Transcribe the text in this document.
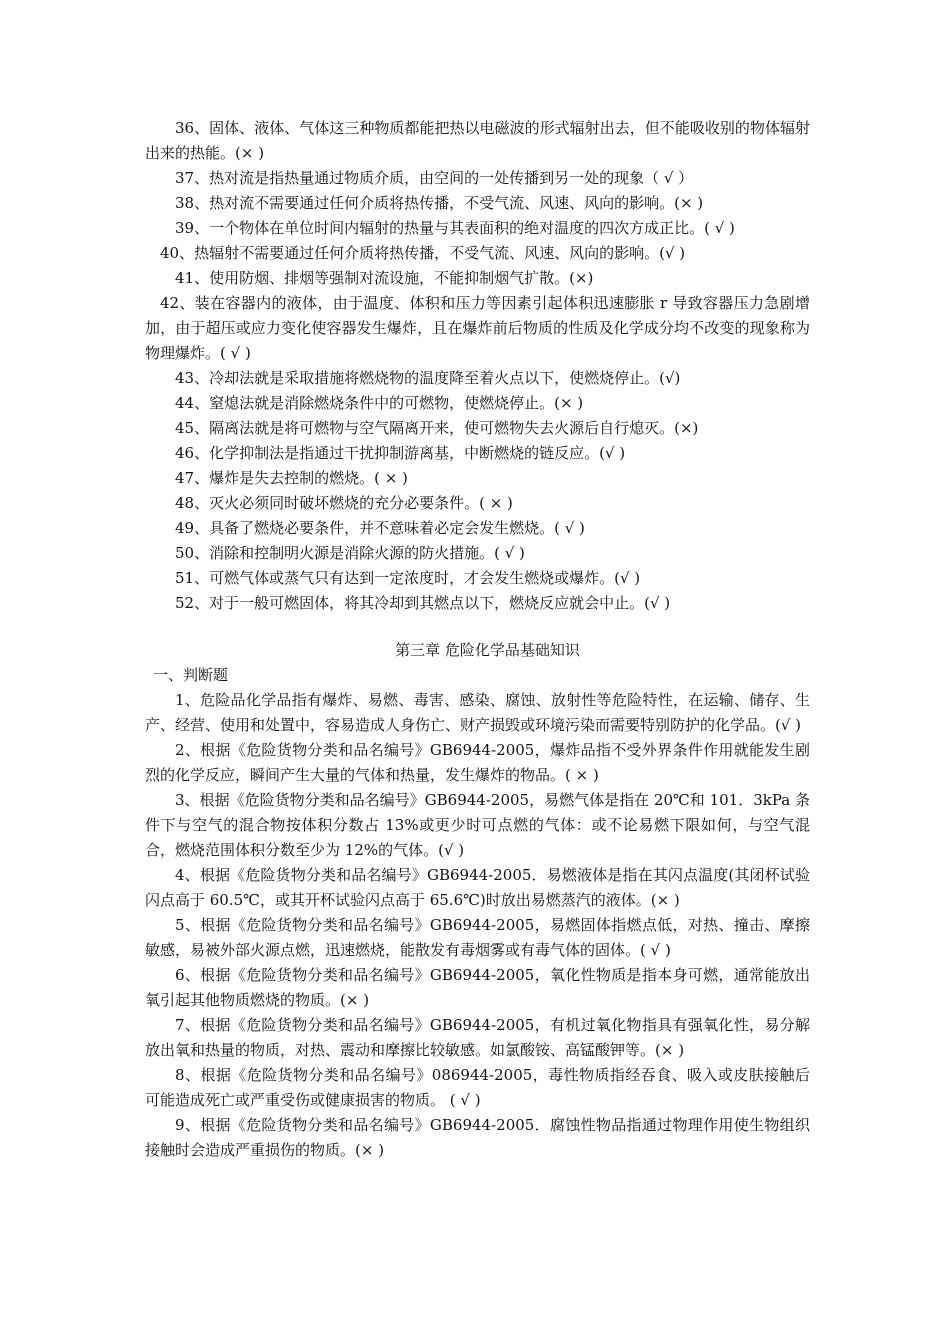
36、固体、液体、气体这三种物质都能把热以电磁波的形式辐射出去，但不能吸收别的物体辐射出来的热能。(× )

37、热对流是指热量通过物质介质，由空间的一处传播到另一处的现象（ √ ）

38、热对流不需要通过任何介质将热传播，不受气流、风速、风向的影响。(× )

39、一个物体在单位时间内辐射的热量与其表面积的绝对温度的四次方成正比。( √ )

40、热辐射不需要通过任何介质将热传播，不受气流、风速、风向的影响。(√ )

41、使用防烟、排烟等强制对流设施，不能抑制烟气扩散。(×)

42、装在容器内的液体，由于温度、体积和压力等因素引起体积迅速膨胀 r 导致容器压力急剧增加，由于超压或应力变化使容器发生爆炸，且在爆炸前后物质的性质及化学成分均不改变的现象称为物理爆炸。( √ )

43、冷却法就是采取措施将燃烧物的温度降至着火点以下，使燃烧停止。(√)

44、窒熄法就是消除燃烧条件中的可燃物，使燃烧停止。(× )

45、隔离法就是将可燃物与空气隔离开来，使可燃物失去火源后自行熄灭。(×)

46、化学抑制法是指通过干扰抑制游离基，中断燃烧的链反应。(√ )

47、爆炸是失去控制的燃烧。( × )

48、灭火必须同时破坏燃烧的充分必要条件。( × )

49、具备了燃烧必要条件，并不意味着必定会发生燃烧。( √ )

50、消除和控制明火源是消除火源的防火措施。( √ )

51、可燃气体或蒸气只有达到一定浓度时，才会发生燃烧或爆炸。(√ )

52、对于一般可燃固体，将其冷却到其燃点以下，燃烧反应就会中止。(√ )

第三章 危险化学品基础知识

一、判断题

1、危险品化学品指有爆炸、易燃、毒害、感染、腐蚀、放射性等危险特性，在运输、储存、生产、经营、使用和处置中，容易造成人身伤亡、财产损毁或环境污染而需要特别防护的化学品。(√ )

2、根据《危险货物分类和品名编号》GB6944-2005，爆炸品指不受外界条件作用就能发生剧烈的化学反应，瞬间产生大量的气体和热量，发生爆炸的物品。( × )

3、根据《危险货物分类和品名编号》GB6944-2005，易燃气体是指在 20℃和 101．3kPa 条件下与空气的混合物按体积分数占 13%或更少时可点燃的气体：或不论易燃下限如何，与空气混合，燃烧范围体积分数至少为 12%的气体。(√ )

4、根据《危险货物分类和品名编号》GB6944-2005．易燃液体是指在其闪点温度(其闭杯试验闪点高于 60.5℃，或其开杯试验闪点高于 65.6℃)时放出易燃蒸汽的液体。(× )

5、根据《危险货物分类和品名编号》GB6944-2005，易燃固体指燃点低，对热、撞击、摩擦敏感，易被外部火源点燃，迅速燃烧，能散发有毒烟雾或有毒气体的固体。( √ )

6、根据《危险货物分类和品名编号》GB6944-2005，氧化性物质是指本身可燃，通常能放出氧引起其他物质燃烧的物质。(× )

7、根据《危险货物分类和品名编号》GB6944-2005，有机过氧化物指具有强氧化性，易分解放出氧和热量的物质，对热、震动和摩擦比较敏感。如氯酸铵、高锰酸钾等。(× )

8、根据《危险货物分类和品名编号》086944-2005，毒性物质指经吞食、吸入或皮肤接触后可能造成死亡或严重受伤或健康损害的物质。 ( √ )

9、根据《危险货物分类和品名编号》GB6944-2005．腐蚀性物品指通过物理作用使生物组织接触时会造成严重损伤的物质。(× )
